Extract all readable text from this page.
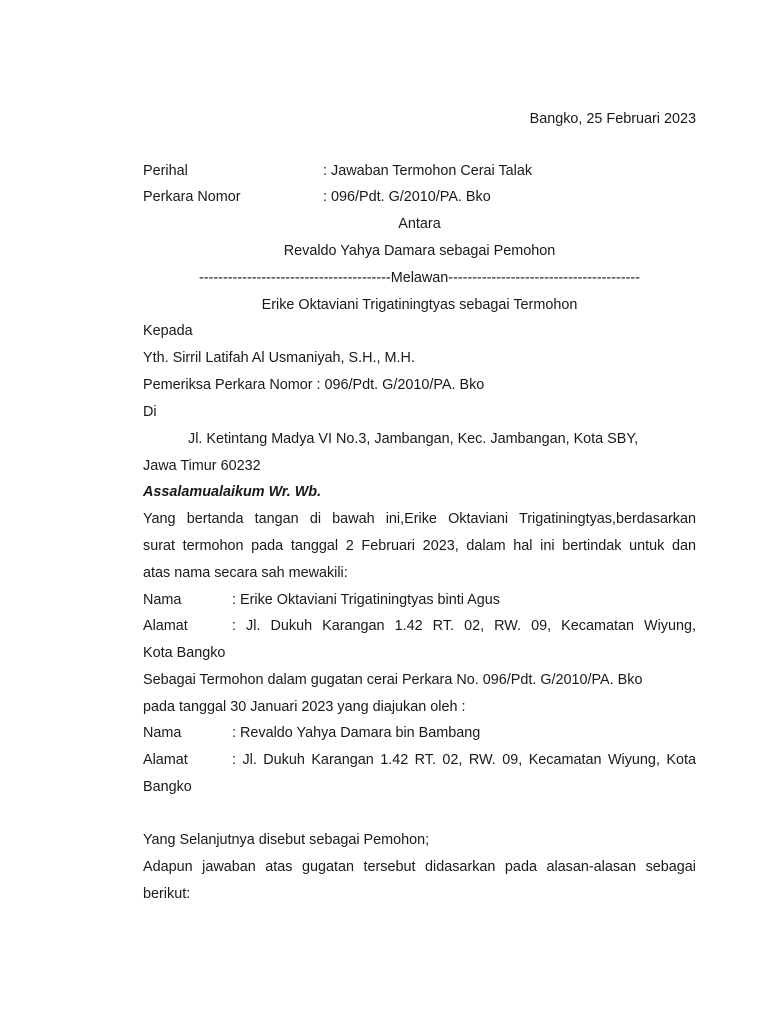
Bangko, 25 Februari 2023
Perihal	: Jawaban Termohon Cerai Talak
Perkara Nomor	: 096/Pdt. G/2010/PA. Bko
Antara
Revaldo Yahya Damara sebagai Pemohon
----------------------------------------Melawan----------------------------------------
Erike Oktaviani Trigatiningtyas sebagai Termohon
Kepada
Yth. Sirril Latifah Al Usmaniyah, S.H., M.H.
Pemeriksa Perkara Nomor : 096/Pdt. G/2010/PA. Bko
Di
Jl. Ketintang Madya VI No.3, Jambangan, Kec. Jambangan, Kota SBY,
Jawa Timur 60232
Assalamualaikum Wr. Wb.
Yang bertanda tangan di bawah ini,Erike Oktaviani Trigatiningtyas,berdasarkan
surat termohon pada tanggal 2 Februari 2023, dalam hal ini bertindak untuk dan
atas nama secara sah mewakili:
Nama	: Erike Oktaviani Trigatiningtyas binti Agus
Alamat	: Jl. Dukuh Karangan 1.42 RT. 02, RW. 09, Kecamatan Wiyung,
Kota Bangko
Sebagai Termohon dalam gugatan cerai Perkara No. 096/Pdt. G/2010/PA. Bko
pada tanggal 30 Januari 2023 yang diajukan oleh :
Nama	: Revaldo Yahya Damara bin Bambang
Alamat	: Jl. Dukuh Karangan 1.42 RT. 02, RW. 09, Kecamatan Wiyung, Kota
Bangko
Yang Selanjutnya disebut sebagai Pemohon;
Adapun jawaban atas gugatan tersebut didasarkan pada alasan-alasan sebagai
berikut:
